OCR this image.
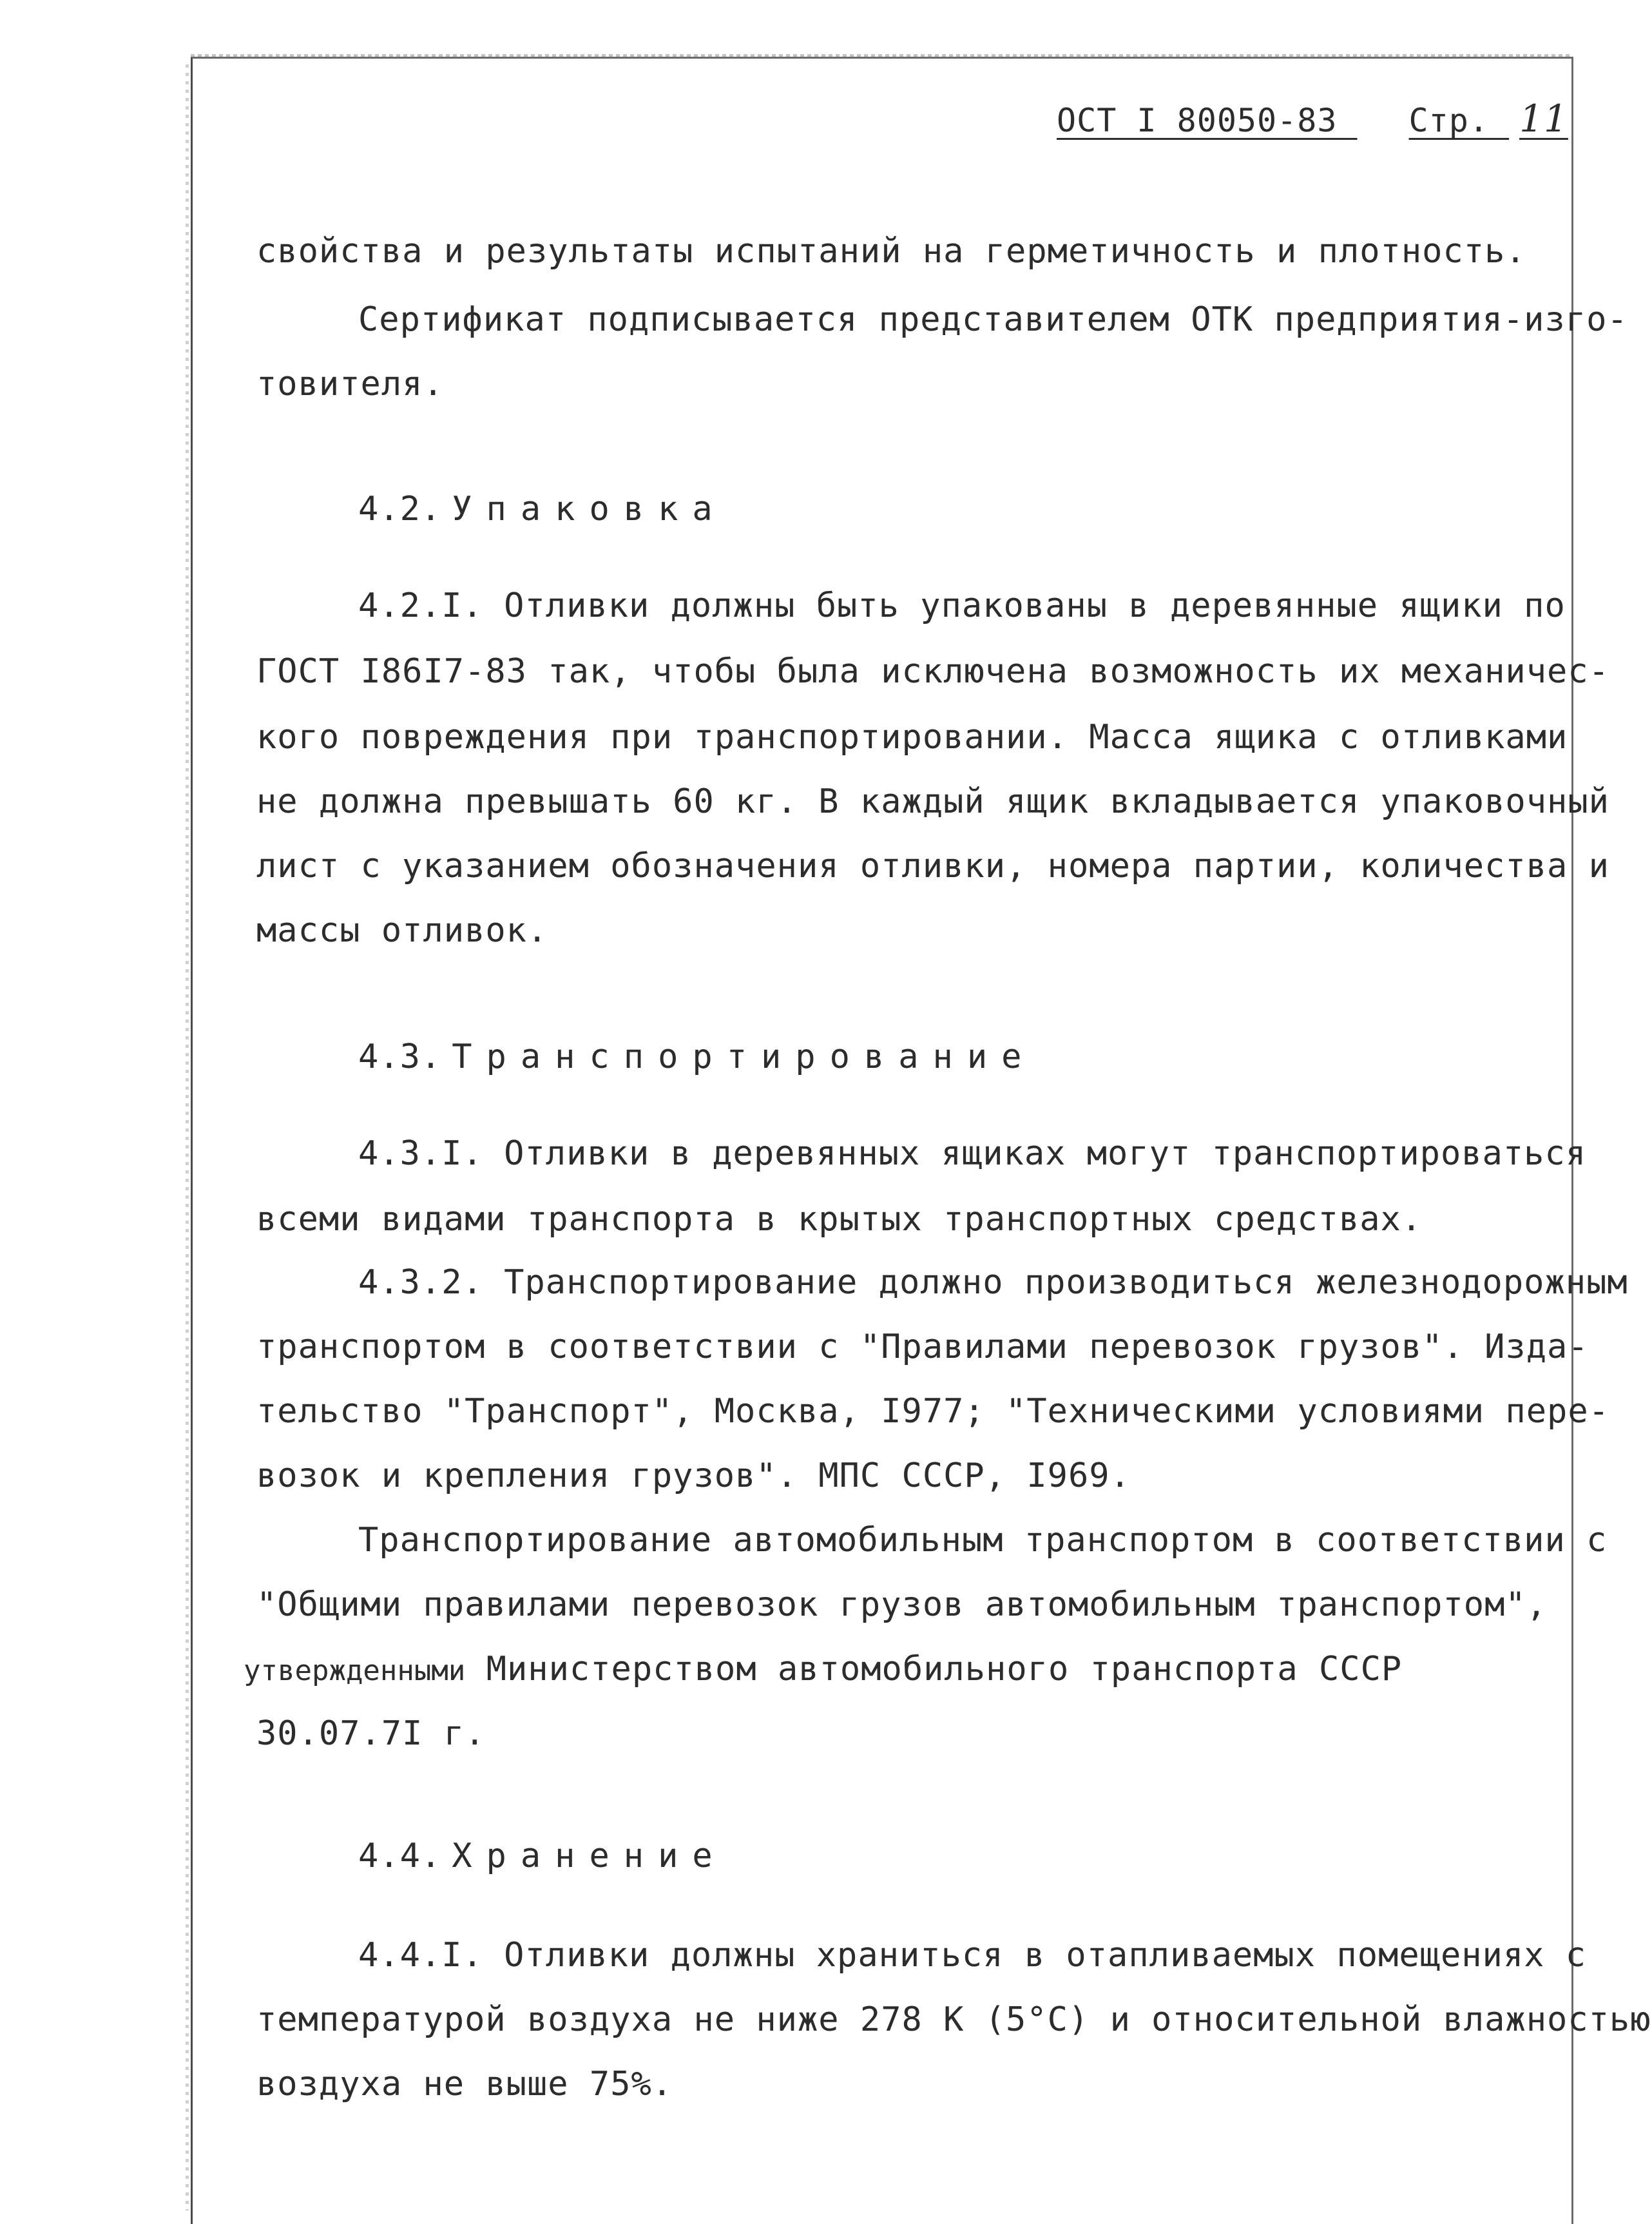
ОСТ I 80050-83 Стр. 11
свойства и результаты испытаний на герметичность и плотность.
Сертификат подписывается представителем ОТК предприятия-изго-
товителя.
4.2. Упаковка
4.2.I. Отливки должны быть упакованы в деревянные ящики по
ГОСТ I86I7-83 так, чтобы была исключена возможность их механичес-
кого повреждения при транспортировании. Масса ящика с отливками
не должна превышать 60 кг. В каждый ящик вкладывается упаковочный
лист с указанием обозначения отливки, номера партии, количества и
массы отливок.
4.3. Транспортирование
4.3.I. Отливки в деревянных ящиках могут транспортироваться
всеми видами транспорта в крытых транспортных средствах.
4.3.2. Транспортирование должно производиться железнодорожным
транспортом в соответствии с "Правилами перевозок грузов". Изда-
тельство "Транспорт", Москва, I977; "Техническими условиями пере-
возок и крепления грузов". МПС СССР, I969.
Транспортирование автомобильным транспортом в соответствии с
"Общими правилами перевозок грузов автомобильным транспортом",
утвержденными Министерством автомобильного транспорта СССР
30.07.7I г.
4.4. Хранение
4.4.I. Отливки должны храниться в отапливаемых помещениях с
температурой воздуха не ниже 278 К (5°С) и относительной влажностью
воздуха не выше 75%.
